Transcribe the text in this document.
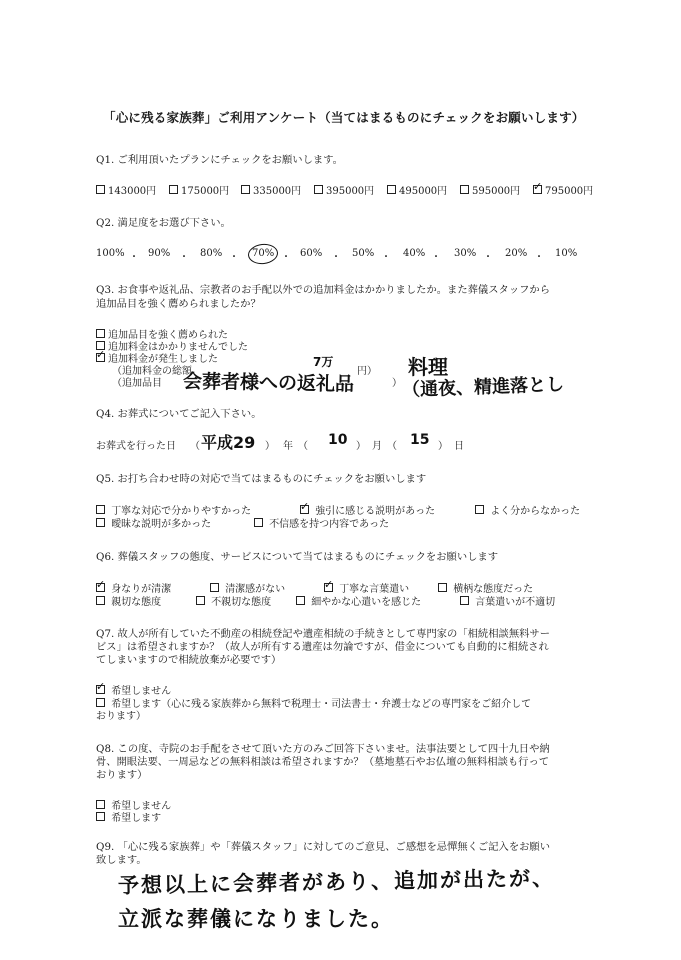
「心に残る家族葬」ご利用アンケート（当てはまるものにチェックをお願いします）
Q1. ご利用頂いたプランにチェックをお願いします。
143000円	175000円	335000円	395000円	495000円	595000円 ✓	795000円
Q2. 満足度をお選び下さい。
100% ・ 90% ・ 80% ・ 70% ・ 60% ・ 50% ・ 40% ・ 30% ・ 20% ・ 10%
Q3. お食事や返礼品、宗教者のお手配以外での追加料金はかかりましたか。また葬儀スタッフから
追加品目を強く薦められましたか？
追加品目を強く薦められた
追加料金はかかりませんでした
✓追加料金が発生しました
（追加料金の総額
（追加品目
円）
7万
会葬者様への返礼品	）
料理
（通夜、精進落とし
Q4. お葬式についてご記入下さい。
お葬式を行った日 （ 平成29 ） 年 （ 10 ） 月 （ 15 ） 日
Q5. お打ち合わせ時の対応で当てはまるものにチェックをお願いします
丁寧な対応で分かりやすかった ✓	強引に感じる説明があった	よく分からなかった
曖昧な説明が多かった	不信感を持つ内容であった
Q6. 葬儀スタッフの態度、サービスについて当てはまるものにチェックをお願いします
✓ 身なりが清潔	清潔感がない ✓	丁寧な言葉遣い	横柄な態度だった
親切な態度	不親切な態度	細やかな心遣いを感じた	言葉遣いが不適切
Q7. 故人が所有していた不動産の相続登記や遺産相続の手続きとして専門家の「相続相談無料サー
ビス」は希望されますか？（故人が所有する遺産は勿論ですが、借金についても自動的に相続され
てしまいますので相続放棄が必要です）
✓ 希望しません
希望します（心に残る家族葬から無料で税理士・司法書士・弁護士などの専門家をご紹介して
おります）
Q8. この度、寺院のお手配をさせて頂いた方のみご回答下さいませ。法事法要として四十九日や納
骨、開眼法要、一周忌などの無料相談は希望されますか？（墓地墓石やお仏壇の無料相談も行って
おります）
希望しません
希望します
Q9. 「心に残る家族葬」や「葬儀スタッフ」に対してのご意見、ご感想を忌憚無くご記入をお願い
致します。
予想以上に会葬者があり、追加が出たが、
立派な葬儀になりました。
